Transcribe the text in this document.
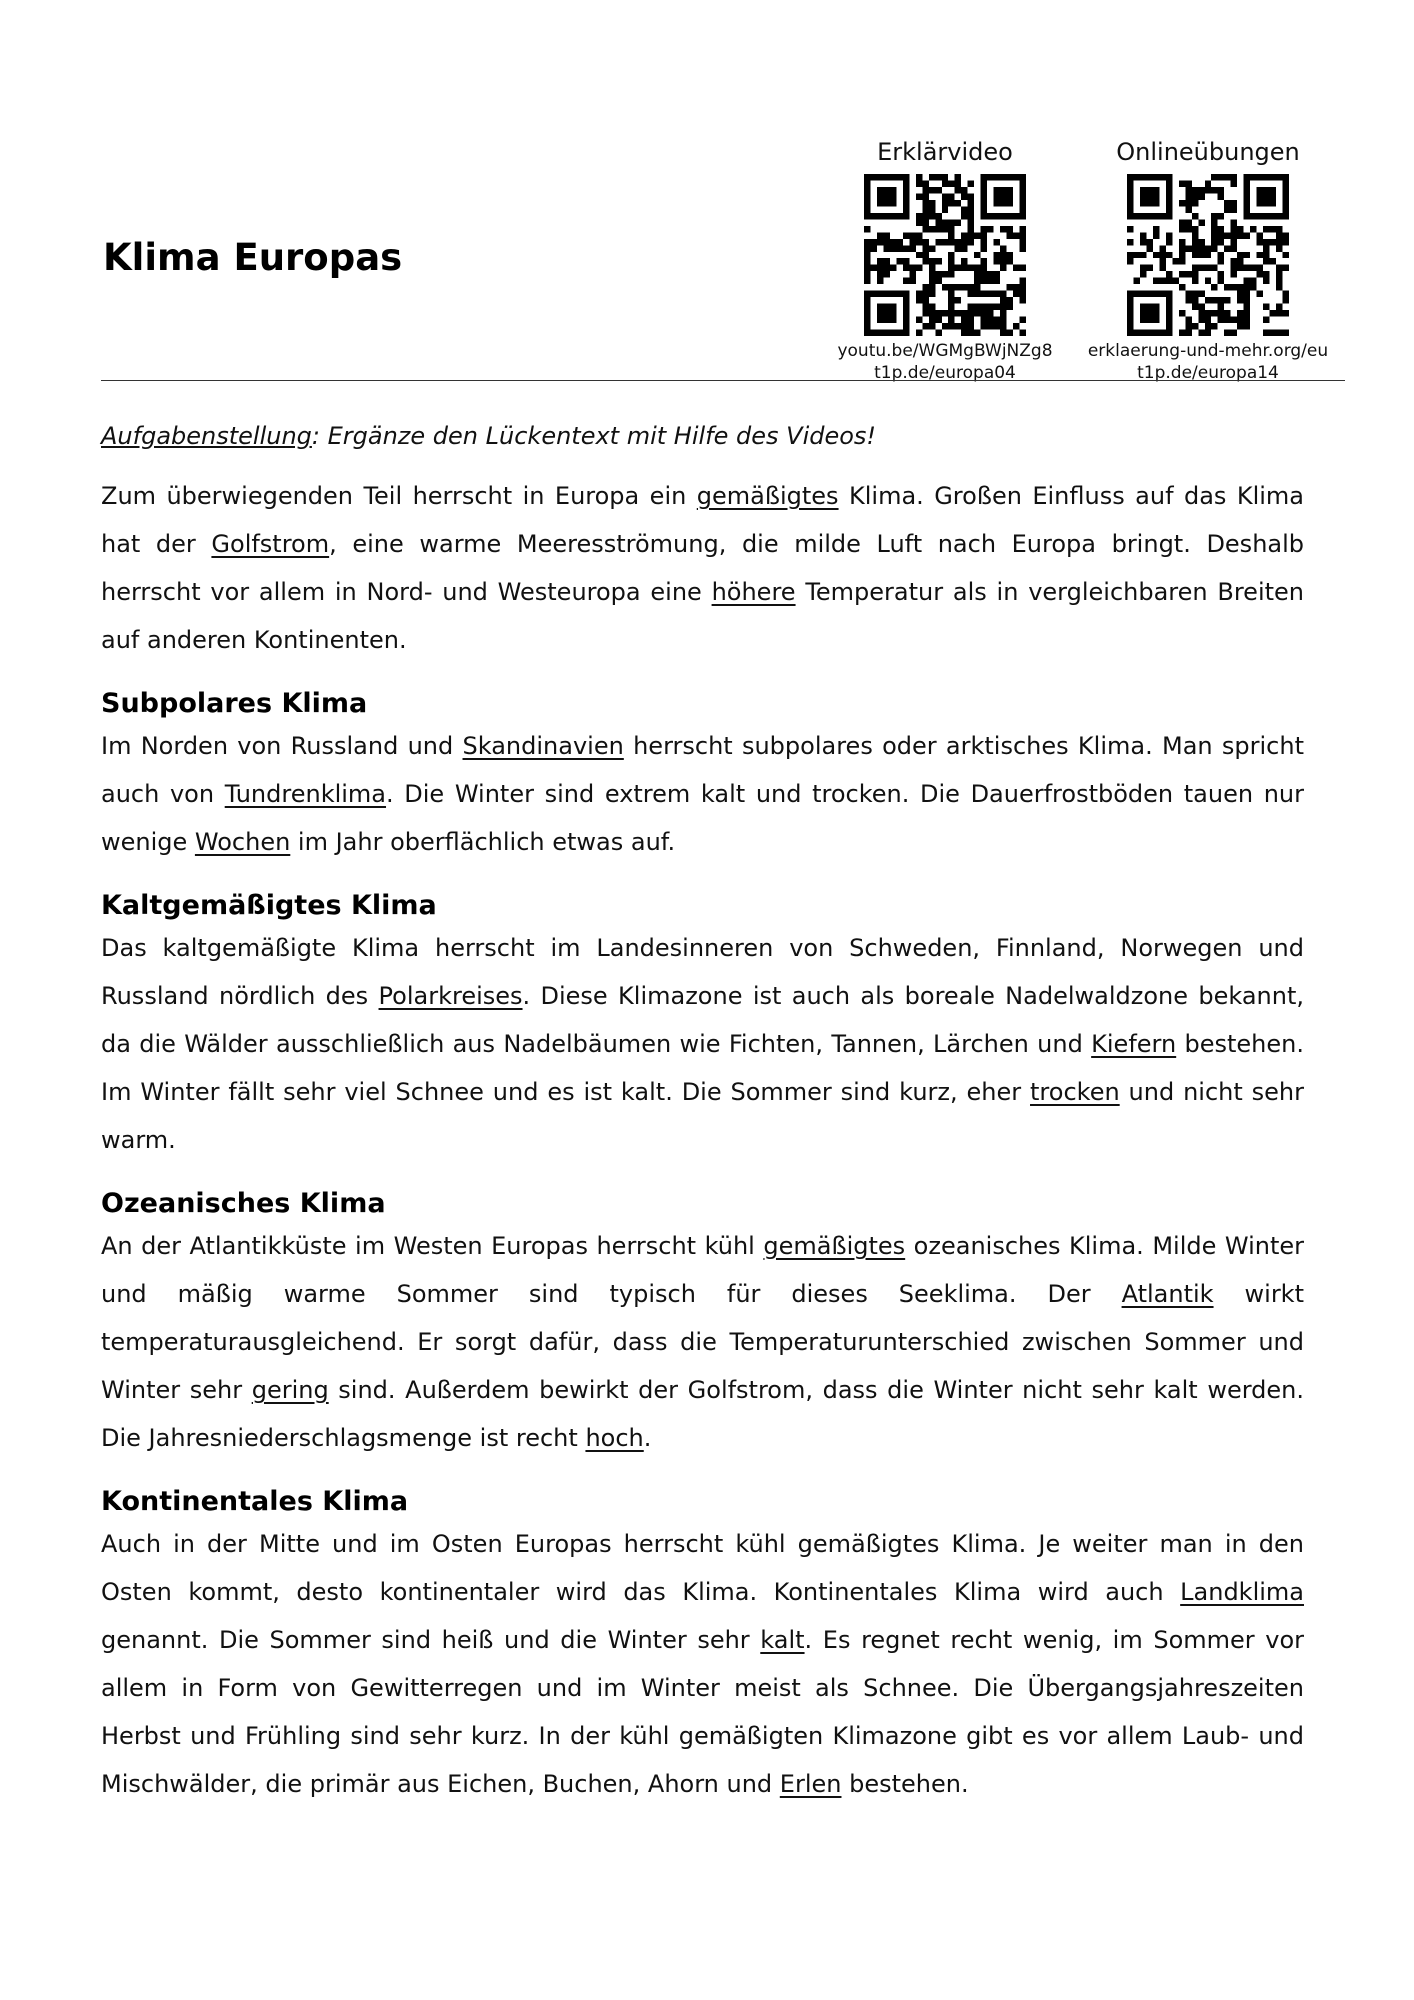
Klima Europas
Erklärvideo
youtu.be/WGMgBWjNZg8
t1p.de/europa04
Onlineübungen
erklaerung-und-mehr.org/eu
t1p.de/europa14

Aufgabenstellung: Ergänze den Lückentext mit Hilfe des Videos!

Zum überwiegenden Teil herrscht in Europa ein gemäßigtes Klima. Großen Einfluss auf das Klima hat der Golfstrom, eine warme Meeresströmung, die milde Luft nach Europa bringt. Deshalb herrscht vor allem in Nord- und Westeuropa eine höhere Temperatur als in vergleichbaren Breiten auf anderen Kontinenten.

Subpolares Klima

Im Norden von Russland und Skandinavien herrscht subpolares oder arktisches Klima. Man spricht auch von Tundrenklima. Die Winter sind extrem kalt und trocken. Die Dauerfrostböden tauen nur wenige Wochen im Jahr oberflächlich etwas auf.

Kaltgemäßigtes Klima

Das kaltgemäßigte Klima herrscht im Landesinneren von Schweden, Finnland, Norwegen und Russland nördlich des Polarkreises. Diese Klimazone ist auch als boreale Nadelwaldzone bekannt, da die Wälder ausschließlich aus Nadelbäumen wie Fichten, Tannen, Lärchen und Kiefern bestehen. Im Winter fällt sehr viel Schnee und es ist kalt. Die Sommer sind kurz, eher trocken und nicht sehr warm.

Ozeanisches Klima

An der Atlantikküste im Westen Europas herrscht kühl gemäßigtes ozeanisches Klima. Milde Winter und mäßig warme Sommer sind typisch für dieses Seeklima. Der Atlantik wirkt temperaturausgleichend. Er sorgt dafür, dass die Temperaturunterschied zwischen Sommer und Winter sehr gering sind. Außerdem bewirkt der Golfstrom, dass die Winter nicht sehr kalt werden. Die Jahresniederschlagsmenge ist recht hoch.

Kontinentales Klima

Auch in der Mitte und im Osten Europas herrscht kühl gemäßigtes Klima. Je weiter man in den Osten kommt, desto kontinentaler wird das Klima. Kontinentales Klima wird auch Landklima genannt. Die Sommer sind heiß und die Winter sehr kalt. Es regnet recht wenig, im Sommer vor allem in Form von Gewitterregen und im Winter meist als Schnee. Die Übergangsjahreszeiten Herbst und Frühling sind sehr kurz. In der kühl gemäßigten Klimazone gibt es vor allem Laub- und Mischwälder, die primär aus Eichen, Buchen, Ahorn und Erlen bestehen.
